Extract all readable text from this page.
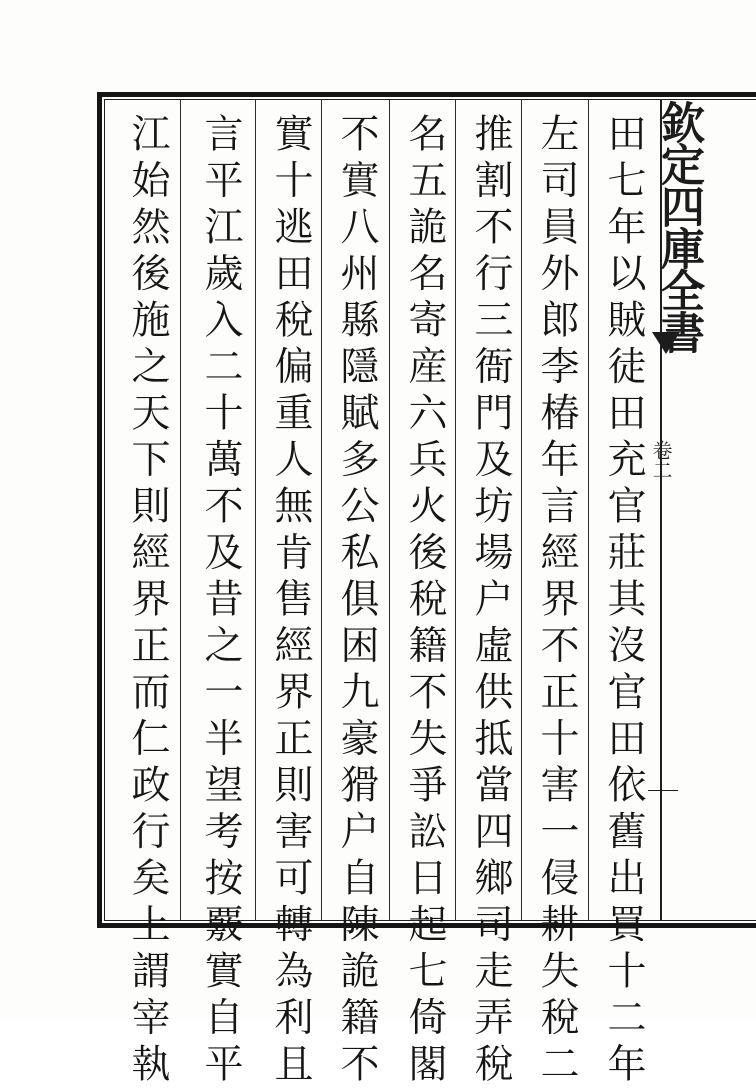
欽定四庫全書
卷二
田七年以賊徒田充官莊其沒官田依舊出買十二年
左司員外郎李椿年言經界不正十害一侵耕失稅二
推割不行三衙門及坊場户虛供抵當四鄉司走弄稅
名五詭名寄産六兵火後稅籍不失爭訟日起七倚閣
不實八州縣隱賦多公私俱困九豪猾户自陳詭籍不
實十逃田稅偏重人無肯售經界正則害可轉為利且
言平江歲入二十萬不及昔之一半望考按覈實自平
江始然後施之天下則經界正而仁政行矣上謂宰執
